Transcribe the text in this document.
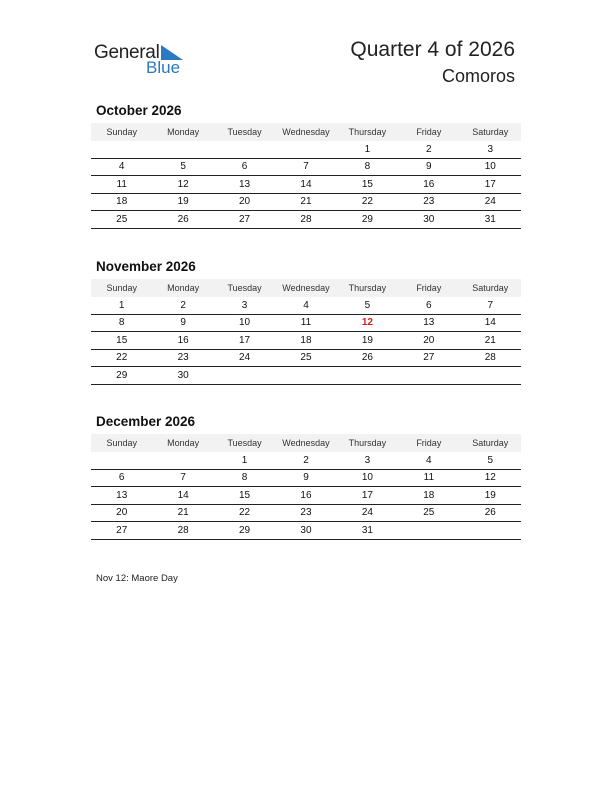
General
Blue
Quarter 4 of 2026
Comoros
October 2026
Sunday	Monday	Tuesday	Wednesday	Thursday	Friday	Saturday
				1	2	3
4	5	6	7	8	9	10
11	12	13	14	15	16	17
18	19	20	21	22	23	24
25	26	27	28	29	30	31
November 2026
Sunday	Monday	Tuesday	Wednesday	Thursday	Friday	Saturday
1	2	3	4	5	6	7
8	9	10	11	12	13	14
15	16	17	18	19	20	21
22	23	24	25	26	27	28
29	30					
December 2026
Sunday	Monday	Tuesday	Wednesday	Thursday	Friday	Saturday
		1	2	3	4	5
6	7	8	9	10	11	12
13	14	15	16	17	18	19
20	21	22	23	24	25	26
27	28	29	30	31		
Nov 12: Maore Day
